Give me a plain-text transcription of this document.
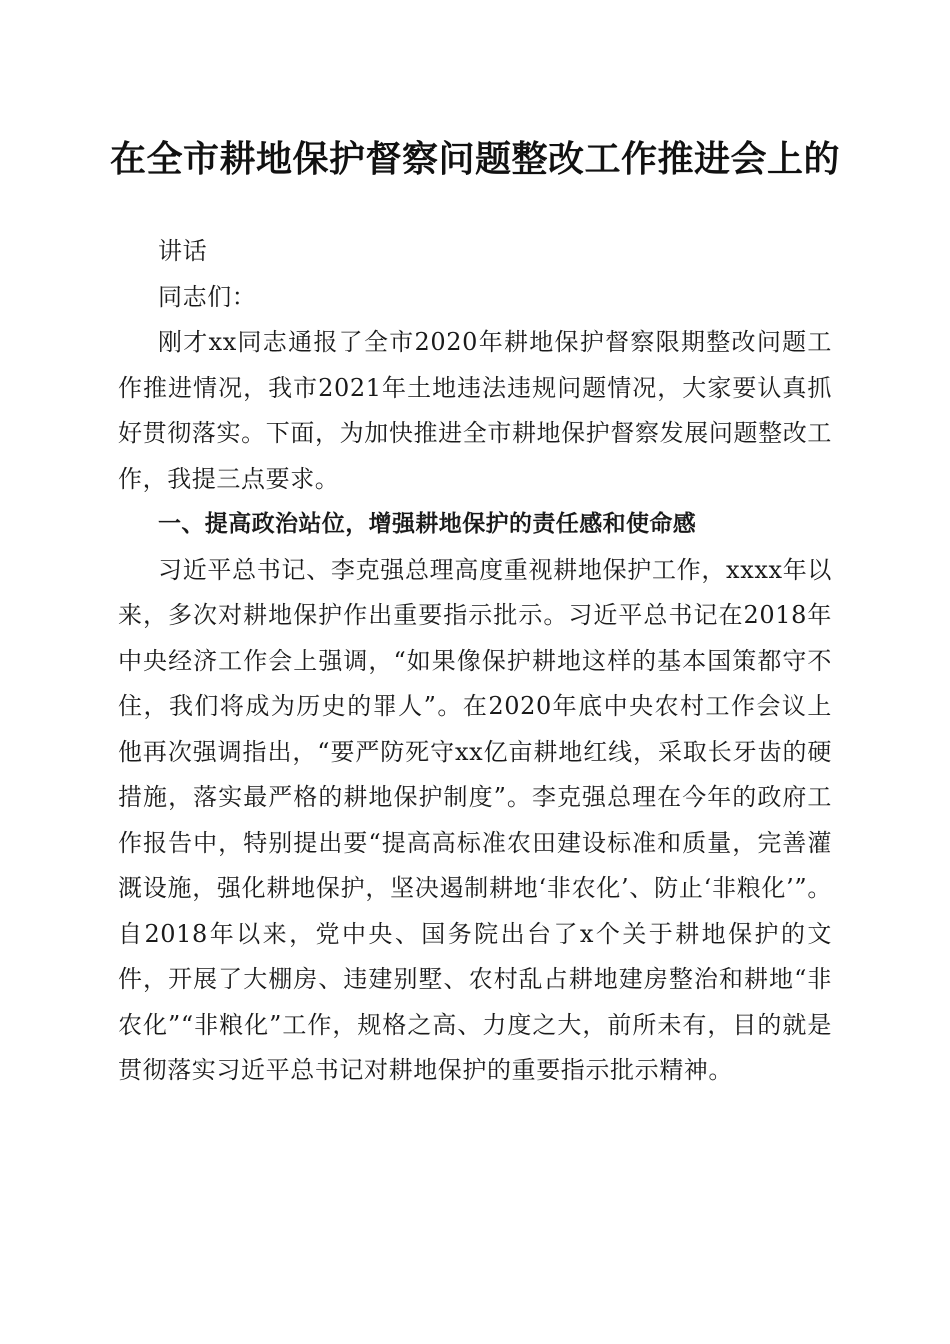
在全市耕地保护督察问题整改工作推进会上的

讲话

同志们：

刚才xx同志通报了全市2020年耕地保护督察限期整改问题工作推进情况，我市2021年土地违法违规问题情况，大家要认真抓好贯彻落实。下面，为加快推进全市耕地保护督察发展问题整改工作，我提三点要求。

一、提高政治站位，增强耕地保护的责任感和使命感

习近平总书记、李克强总理高度重视耕地保护工作，xxxx年以来，多次对耕地保护作出重要指示批示。习近平总书记在2018年中央经济工作会上强调，“如果像保护耕地这样的基本国策都守不住，我们将成为历史的罪人”。在2020年底中央农村工作会议上他再次强调指出，“要严防死守xx亿亩耕地红线，采取长牙齿的硬措施，落实最严格的耕地保护制度”。李克强总理在今年的政府工作报告中，特别提出要“提高高标准农田建设标准和质量，完善灌溉设施，强化耕地保护，坚决遏制耕地‘非农化’、防止‘非粮化’”。自2018年以来，党中央、国务院出台了x个关于耕地保护的文件，开展了大棚房、违建别墅、农村乱占耕地建房整治和耕地“非农化”“非粮化”工作，规格之高、力度之大，前所未有，目的就是贯彻落实习近平总书记对耕地保护的重要指示批示精神。
